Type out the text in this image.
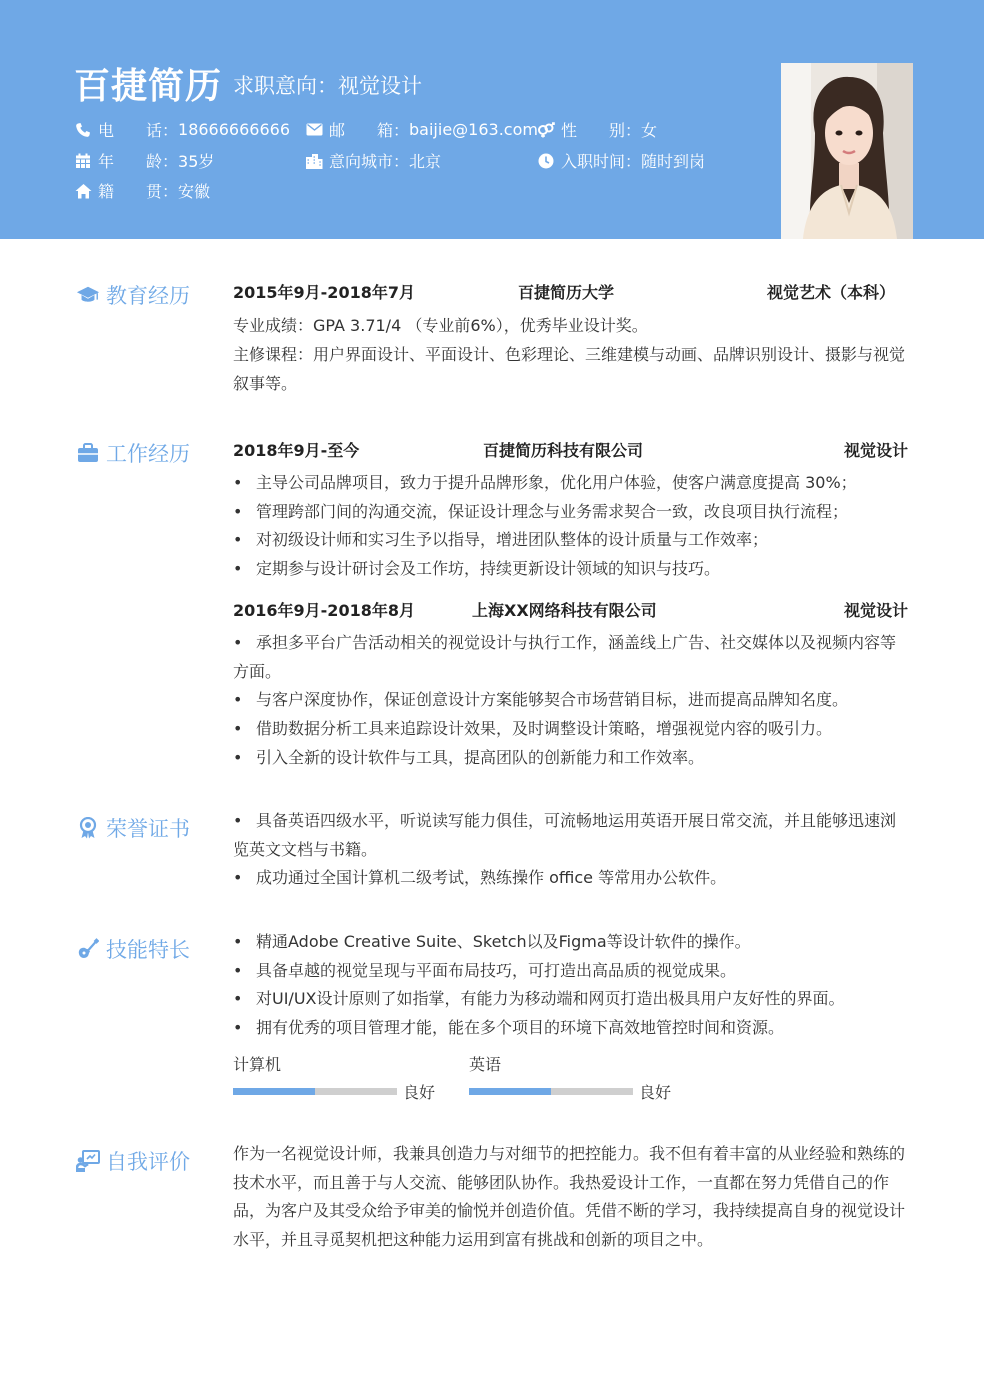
百捷简历 求职意向：视觉设计
电　　话： 18666666666 邮　　箱： baijie@163.com 性　　别： 女
年　　龄： 35岁	意向城市： 北京	入职时间： 随时到岗
籍　　贯： 安徽
教育经历	2015年9月-2018年7月	百捷简历大学	视觉艺术（本科）
专业成绩：GPA 3.71/4 （专业前6%），优秀毕业设计奖。
主修课程：用户界面设计、平面设计、色彩理论、三维建模与动画、品牌识别设计、摄影与视觉叙事等。
工作经历	2018年9月-至今	百捷简历科技有限公司	视觉设计
• 主导公司品牌项目，致力于提升品牌形象，优化用户体验，使客户满意度提高 30%；
• 管理跨部门间的沟通交流，保证设计理念与业务需求契合一致，改良项目执行流程；
• 对初级设计师和实习生予以指导，增进团队整体的设计质量与工作效率；
• 定期参与设计研讨会及工作坊，持续更新设计领域的知识与技巧。
2016年9月-2018年8月	上海XX网络科技有限公司	视觉设计
• 承担多平台广告活动相关的视觉设计与执行工作，涵盖线上广告、社交媒体以及视频内容等方面。
• 与客户深度协作，保证创意设计方案能够契合市场营销目标，进而提高品牌知名度。
• 借助数据分析工具来追踪设计效果，及时调整设计策略，增强视觉内容的吸引力。
• 引入全新的设计软件与工具，提高团队的创新能力和工作效率。
荣誉证书	• 具备英语四级水平，听说读写能力俱佳，可流畅地运用英语开展日常交流，并且能够迅速浏览英文文档与书籍。
• 成功通过全国计算机二级考试，熟练操作 office 等常用办公软件。
技能特长	• 精通Adobe Creative Suite、Sketch以及Figma等设计软件的操作。
• 具备卓越的视觉呈现与平面布局技巧，可打造出高品质的视觉成果。
• 对UI/UX设计原则了如指掌，有能力为移动端和网页打造出极具用户友好性的界面。
• 拥有优秀的项目管理才能，能在多个项目的环境下高效地管控时间和资源。
计算机
良好
英语
良好
自我评价	作为一名视觉设计师，我兼具创造力与对细节的把控能力。我不但有着丰富的从业经验和熟练的技术水平，而且善于与人交流、能够团队协作。我热爱设计工作，一直都在努力凭借自己的作品，为客户及其受众给予审美的愉悦并创造价值。凭借不断的学习，我持续提高自身的视觉设计水平，并且寻觅契机把这种能力运用到富有挑战和创新的项目之中。
